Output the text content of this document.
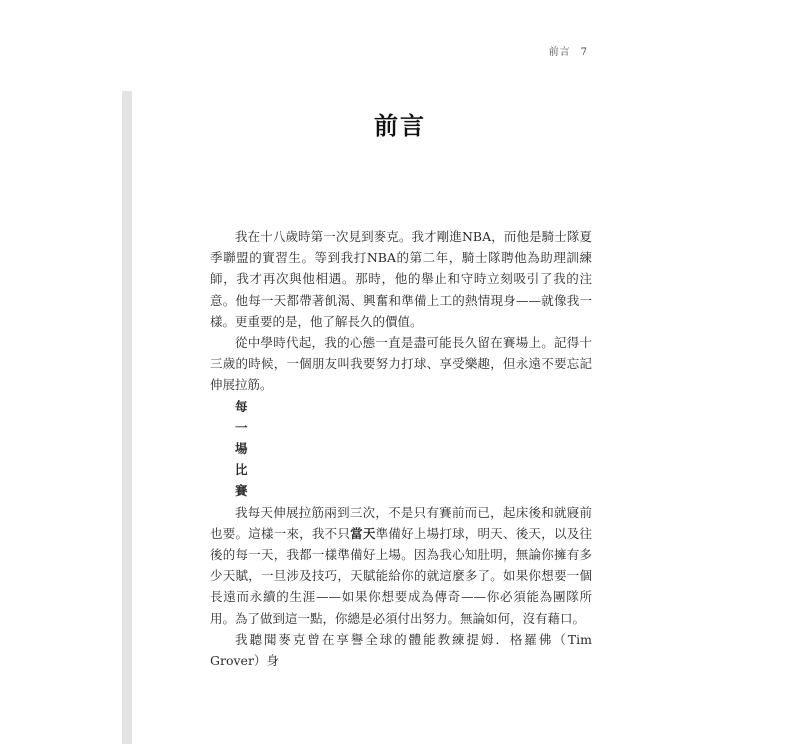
前言 7
前言

我在十八歲時第一次見到麥克。我才剛進NBA，而他是騎士隊夏季聯盟的實習生。等到我打NBA的第二年，騎士隊聘他為助理訓練師，我才再次與他相遇。那時，他的舉止和守時立刻吸引了我的注意。他每一天都帶著飢渴、興奮和準備上工的熱情現身——就像我一樣。更重要的是，他了解長久的價值。

從中學時代起，我的心態一直是盡可能長久留在賽場上。記得十三歲的時候，一個朋友叫我要努力打球、享受樂趣，但永遠不要忘記伸展拉筋。

每
一
場
比
賽

我每天伸展拉筋兩到三次，不是只有賽前而已，起床後和就寢前也要。這樣一來，我不只當天準備好上場打球，明天、後天，以及往後的每一天，我都一樣準備好上場。因為我心知肚明，無論你擁有多少天賦，一旦涉及技巧，天賦能給你的就這麼多了。如果你想要一個長遠而永續的生涯——如果你想要成為傳奇——你必須能為團隊所用。為了做到這一點，你總是必須付出努力。無論如何，沒有藉口。

我聽聞麥克曾在享譽全球的體能教練提姆．格羅佛（Tim Grover）身
